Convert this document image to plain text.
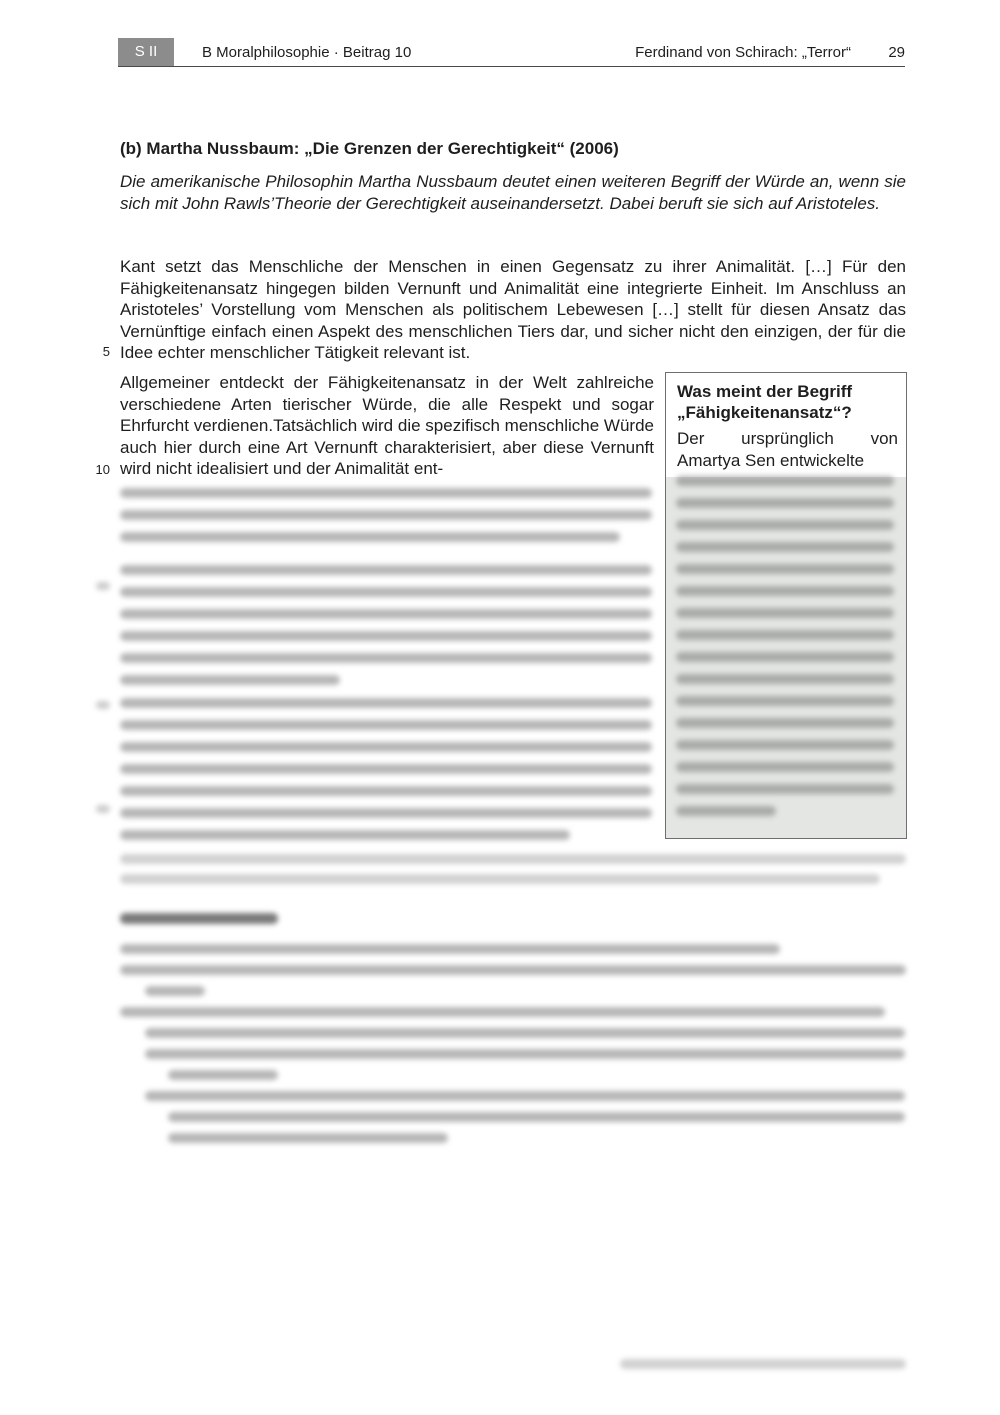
S II	B Moralphilosophie · Beitrag 10	Ferdinand von Schirach: „Terror“ 29
(b) Martha Nussbaum: „Die Grenzen der Gerechtigkeit“ (2006)
Die amerikanische Philosophin Martha Nussbaum deutet einen weiteren Begriff der Würde an, wenn sie sich mit John Rawls’Theorie der Gerechtigkeit auseinandersetzt. Dabei beruft sie sich auf Aristoteles.
Kant setzt das Menschliche der Menschen in einen Gegensatz zu ihrer Animalität. […] Für den Fähigkeitenansatz hingegen bilden Vernunft und Animalität eine integrierte Einheit. Im Anschluss an Aristoteles’ Vorstellung vom Menschen als politischem Lebewesen […] stellt für diesen Ansatz das Vernünftige einfach einen Aspekt des menschlichen Tiers dar, und sicher nicht den einzigen, der für die Idee echter menschlicher Tätigkeit relevant ist.
5
Allgemeiner entdeckt der Fähigkeitenansatz in der Welt zahlreiche verschiedene Arten tierischer Würde, die alle Respekt und sogar Ehrfurcht verdienen.Tatsächlich wird die spezifisch menschliche Würde auch hier durch eine Art Vernunft charakterisiert, aber diese Vernunft wird nicht idealisiert und der Animalität ent-
10
Was meint der Begriff „Fähigkeitenansatz“?
Der ursprünglich von Amartya Sen entwickelte
